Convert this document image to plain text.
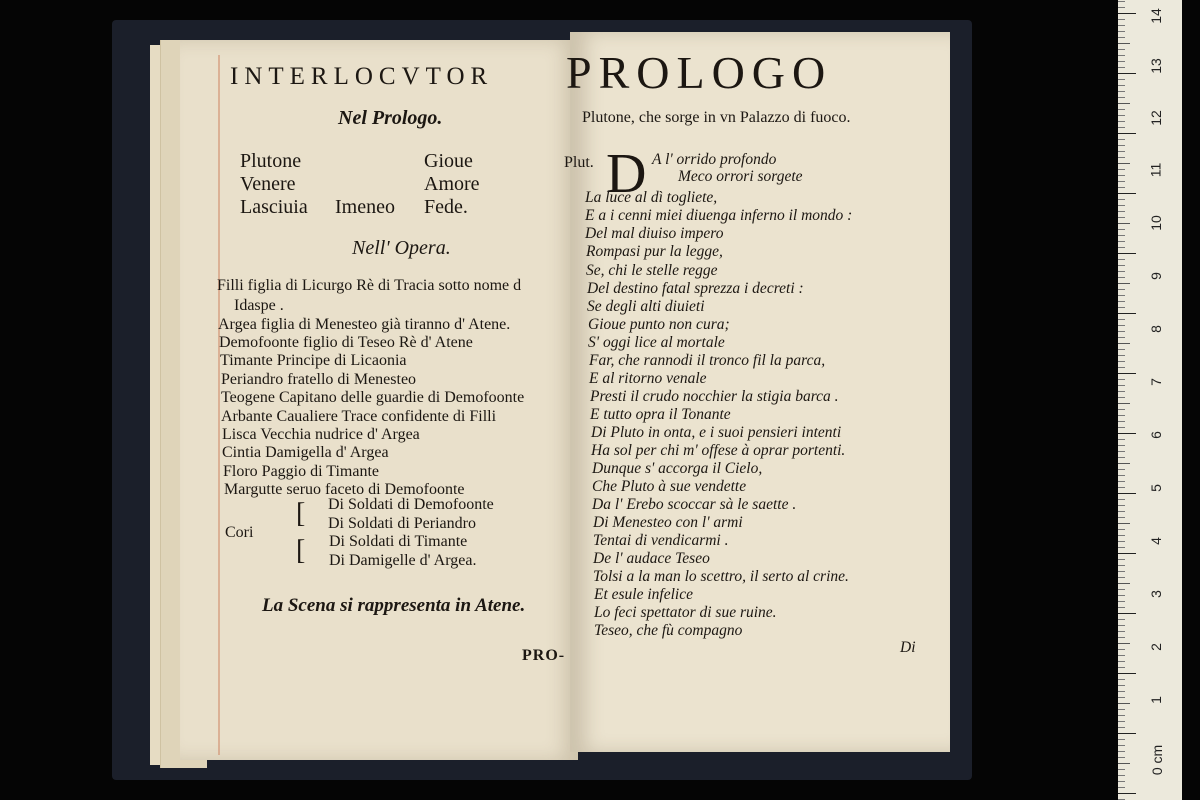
INTERLOCVTOR
Nel Prologo.
Plutone
Venere
Lasciuia Imeneo
Gioue
Amore
Fede.
Nell' Opera.
Filli figlia di Licurgo Rè di Tracia sotto nome d
Idaspe .
Argea figlia di Menesteo già tiranno d' Atene.
Demofoonte figlio di Teseo Rè d' Atene
Timante Principe di Licaonia
Periandro fratello di Menesteo
Teogene Capitano delle guardie di Demofoonte
Arbante Caualiere Trace confidente di Filli
Lisca Vecchia nudrice d' Argea
Cintia Damigella d' Argea
Floro Paggio di Timante
Margutte seruo faceto di Demofoonte
Cori
[
[
Di Soldati di Demofoonte
Di Soldati di Periandro
Di Soldati di Timante
Di Damigelle d' Argea.
La Scena si rappresenta in Atene.
PRO-
PROLOGO
Plutone, che sorge in vn Palazzo di fuoco.
Plut. D A l' orrido profondo
Meco orrori sorgete
La luce al dì togliete,
E a i cenni miei diuenga inferno il mondo :
Del mal diuiso impero
Rompasi pur la legge,
Se, chi le stelle regge
Del destino fatal sprezza i decreti :
Se degli alti diuieti
Gioue punto non cura;
S' oggi lice al mortale
Far, che rannodi il tronco fil la parca,
E al ritorno venale
Presti il crudo nocchier la stigia barca .
E tutto opra il Tonante
Di Pluto in onta, e i suoi pensieri intenti
Ha sol per chi m' offese à oprar portenti.
Dunque s' accorga il Cielo,
Che Pluto à sue vendette
Da l' Erebo scoccar sà le saette .
Di Menesteo con l' armi
Tentai di vendicarmi .
De l' audace Teseo
Tolsi a la man lo scettro, il serto al crine.
Et esule infelice
Lo feci spettator di sue ruine.
Teseo, che fù compagno
Di
14
13
12
11
10
9
8
7
6
5
4
3
2
1
0 cm
